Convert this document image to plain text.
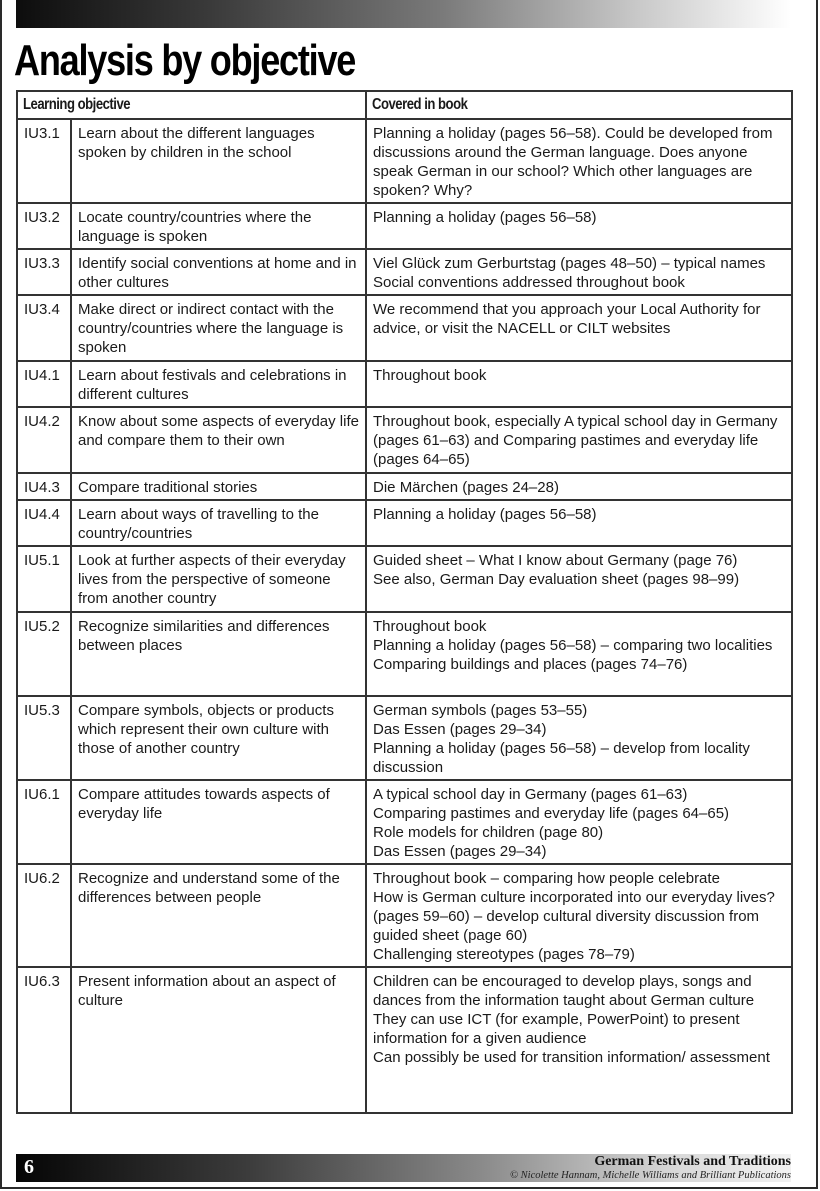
Analysis by objective
Learning objective		Covered in book
IU3.1	Learn about the different languages spoken by children in the school	Planning a holiday (pages 56–58). Could be developed from discussions around the German language. Does anyone speak German in our school? Which other languages are spoken? Why?

IU3.2	Locate country/countries where the language is spoken	Planning a holiday (pages 56–58)

IU3.3	Identify social conventions at home and in other cultures	Viel Glück zum Gerburtstag (pages 48–50) – typical names
Social conventions addressed throughout book

IU3.4	Make direct or indirect contact with the country/countries where the language is spoken	We recommend that you approach your Local Authority for advice, or visit the NACELL or CILT websites

IU4.1	Learn about festivals and celebrations in different cultures	Throughout book

IU4.2	Know about some aspects of everyday life and compare them to their own	Throughout book, especially A typical school day in Germany (pages 61–63) and Comparing pastimes and everyday life (pages 64–65)

IU4.3	Compare traditional stories	Die Märchen (pages 24–28)

IU4.4	Learn about ways of travelling to the country/countries	Planning a holiday (pages 56–58)

IU5.1	Look at further aspects of their everyday lives from the perspective of someone from another country	Guided sheet – What I know about Germany (page 76)
See also, German Day evaluation sheet (pages 98–99)

IU5.2	Recognize similarities and differences between places	Throughout book
Planning a holiday (pages 56–58) – comparing two localities
Comparing buildings and places (pages 74–76)

IU5.3	Compare symbols, objects or products which represent their own culture with those of another country	German symbols (pages 53–55)
Das Essen (pages 29–34)
Planning a holiday (pages 56–58) – develop from locality discussion

IU6.1	Compare attitudes towards aspects of everyday life	A typical school day in Germany (pages 61–63)
Comparing pastimes and everyday life (pages 64–65)
Role models for children (page 80)
Das Essen (pages 29–34)

IU6.2	Recognize and understand some of the differences between people	Throughout book – comparing how people celebrate
How is German culture incorporated into our everyday lives? (pages 59–60) – develop cultural diversity discussion from guided sheet (page 60)
Challenging stereotypes (pages 78–79)

IU6.3	Present information about an aspect of culture	Children can be encouraged to develop plays, songs and dances from the information taught about German culture
They can use ICT (for example, PowerPoint) to present information for a given audience
Can possibly be used for transition information/ assessment
6	German Festivals and Traditions
© Nicolette Hannam, Michelle Williams and Brilliant Publications
